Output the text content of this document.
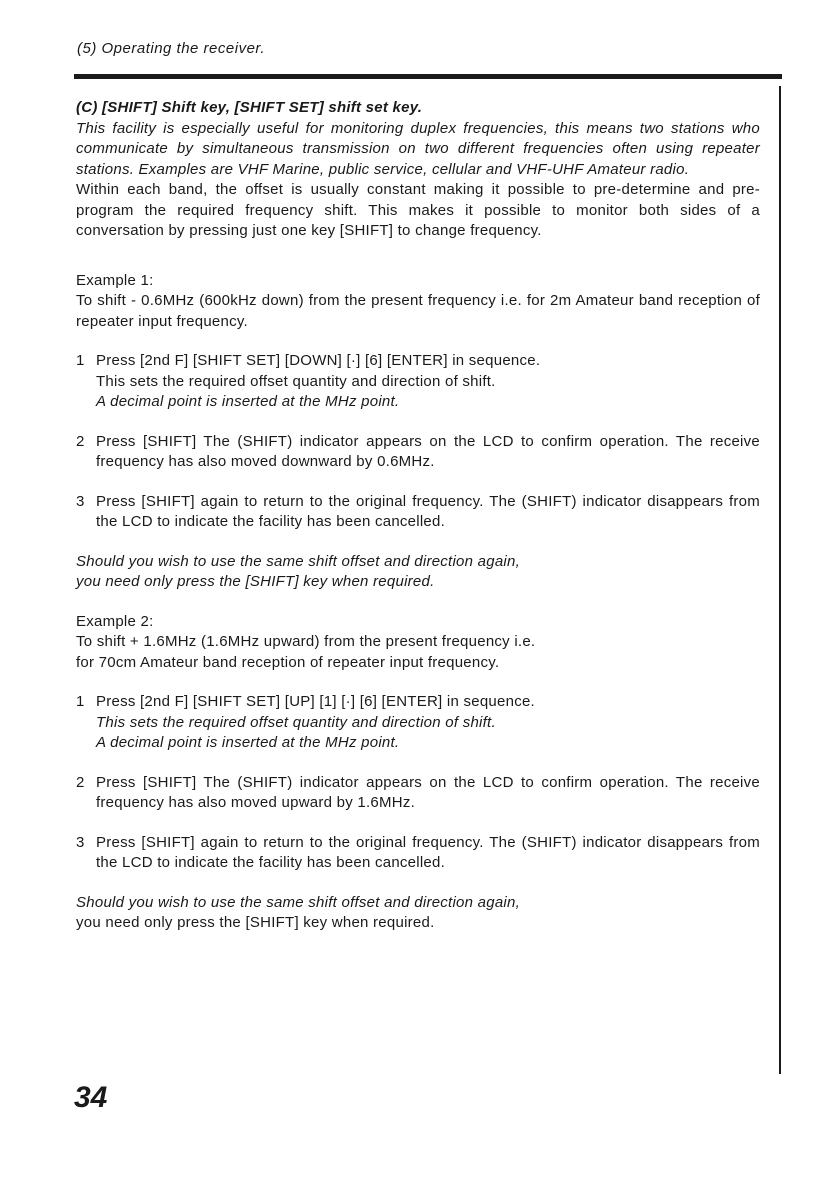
(5) Operating the receiver.

(C) [SHIFT] Shift key, [SHIFT SET] shift set key.

This facility is especially useful for monitoring duplex frequencies, this means two stations who communicate by simultaneous transmission on two different frequencies often using repeater stations. Examples are VHF Marine, public service, cellular and VHF-UHF Amateur radio.

Within each band, the offset is usually constant making it possible to pre-determine and pre-program the required frequency shift. This makes it possible to monitor both sides of a conversation by pressing just one key [SHIFT] to change frequency.

Example 1:

To shift - 0.6MHz (600kHz down) from the present frequency i.e. for 2m Amateur band reception of repeater input frequency.

1 Press [2nd F] [SHIFT SET] [DOWN] [·] [6] [ENTER] in sequence.

This sets the required offset quantity and direction of shift.

A decimal point is inserted at the MHz point.

2 Press [SHIFT] The (SHIFT) indicator appears on the LCD to confirm operation. The receive frequency has also moved downward by 0.6MHz.

3 Press [SHIFT] again to return to the original frequency. The (SHIFT) indicator disappears from the LCD to indicate the facility has been cancelled.

Should you wish to use the same shift offset and direction again,

you need only press the [SHIFT] key when required.

Example 2:

To shift + 1.6MHz (1.6MHz upward) from the present frequency i.e.

for 70cm Amateur band reception of repeater input frequency.

1 Press [2nd F] [SHIFT SET] [UP] [1] [·] [6] [ENTER] in sequence.

This sets the required offset quantity and direction of shift.

A decimal point is inserted at the MHz point.

2 Press [SHIFT] The (SHIFT) indicator appears on the LCD to confirm operation. The receive frequency has also moved upward by 1.6MHz.

3 Press [SHIFT] again to return to the original frequency. The (SHIFT) indicator disappears from the LCD to indicate the facility has been cancelled.

Should you wish to use the same shift offset and direction again,

you need only press the [SHIFT] key when required.

34
